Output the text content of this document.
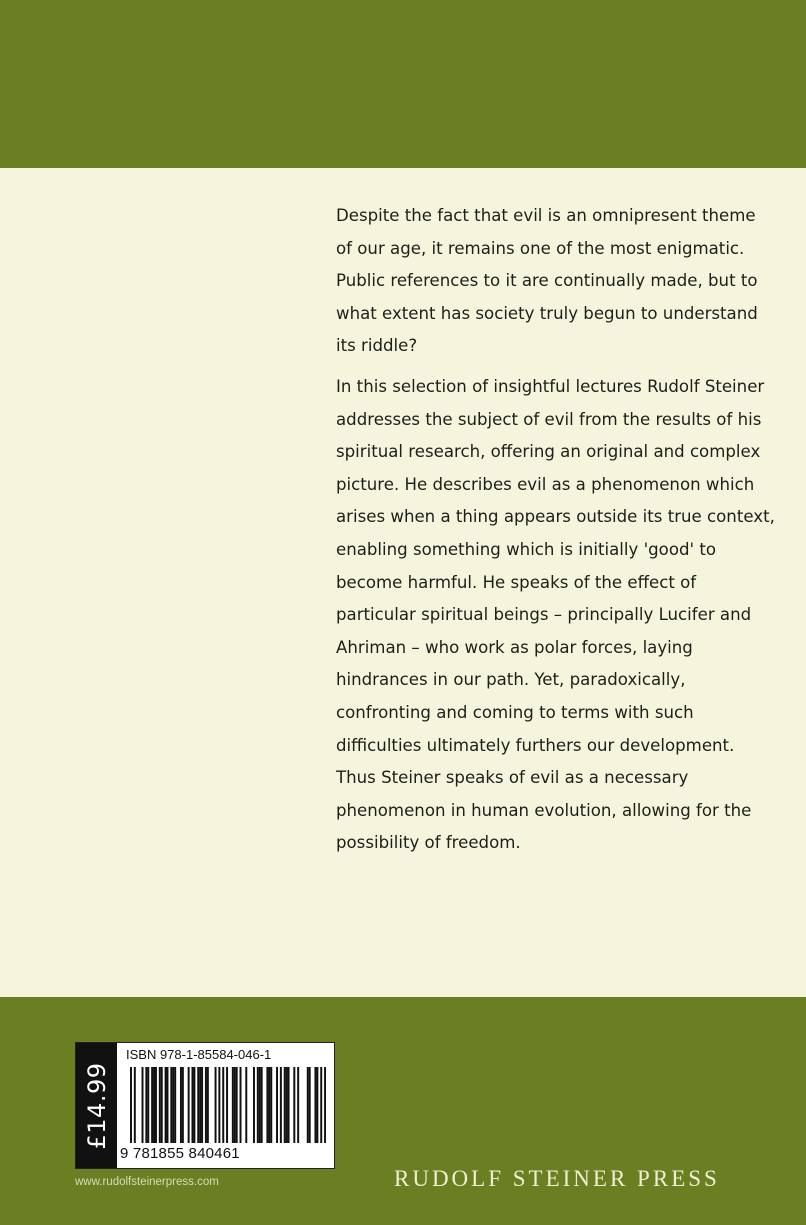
Despite the fact that evil is an omnipresent theme of our age, it remains one of the most enigmatic. Public references to it are continually made, but to what extent has society truly begun to understand its riddle?

In this selection of insightful lectures Rudolf Steiner addresses the subject of evil from the results of his spiritual research, offering an original and complex picture. He describes evil as a phenomenon which arises when a thing appears outside its true context, enabling something which is initially 'good' to become harmful. He speaks of the effect of particular spiritual beings – principally Lucifer and Ahriman – who work as polar forces, laying hindrances in our path. Yet, paradoxically, confronting and coming to terms with such difficulties ultimately furthers our development. Thus Steiner speaks of evil as a necessary phenomenon in human evolution, allowing for the possibility of freedom.

£14.99
ISBN 978-1-85584-046-1
9 781855 840461
www.rudolfsteinerpress.com	RUDOLF STEINER PRESS
